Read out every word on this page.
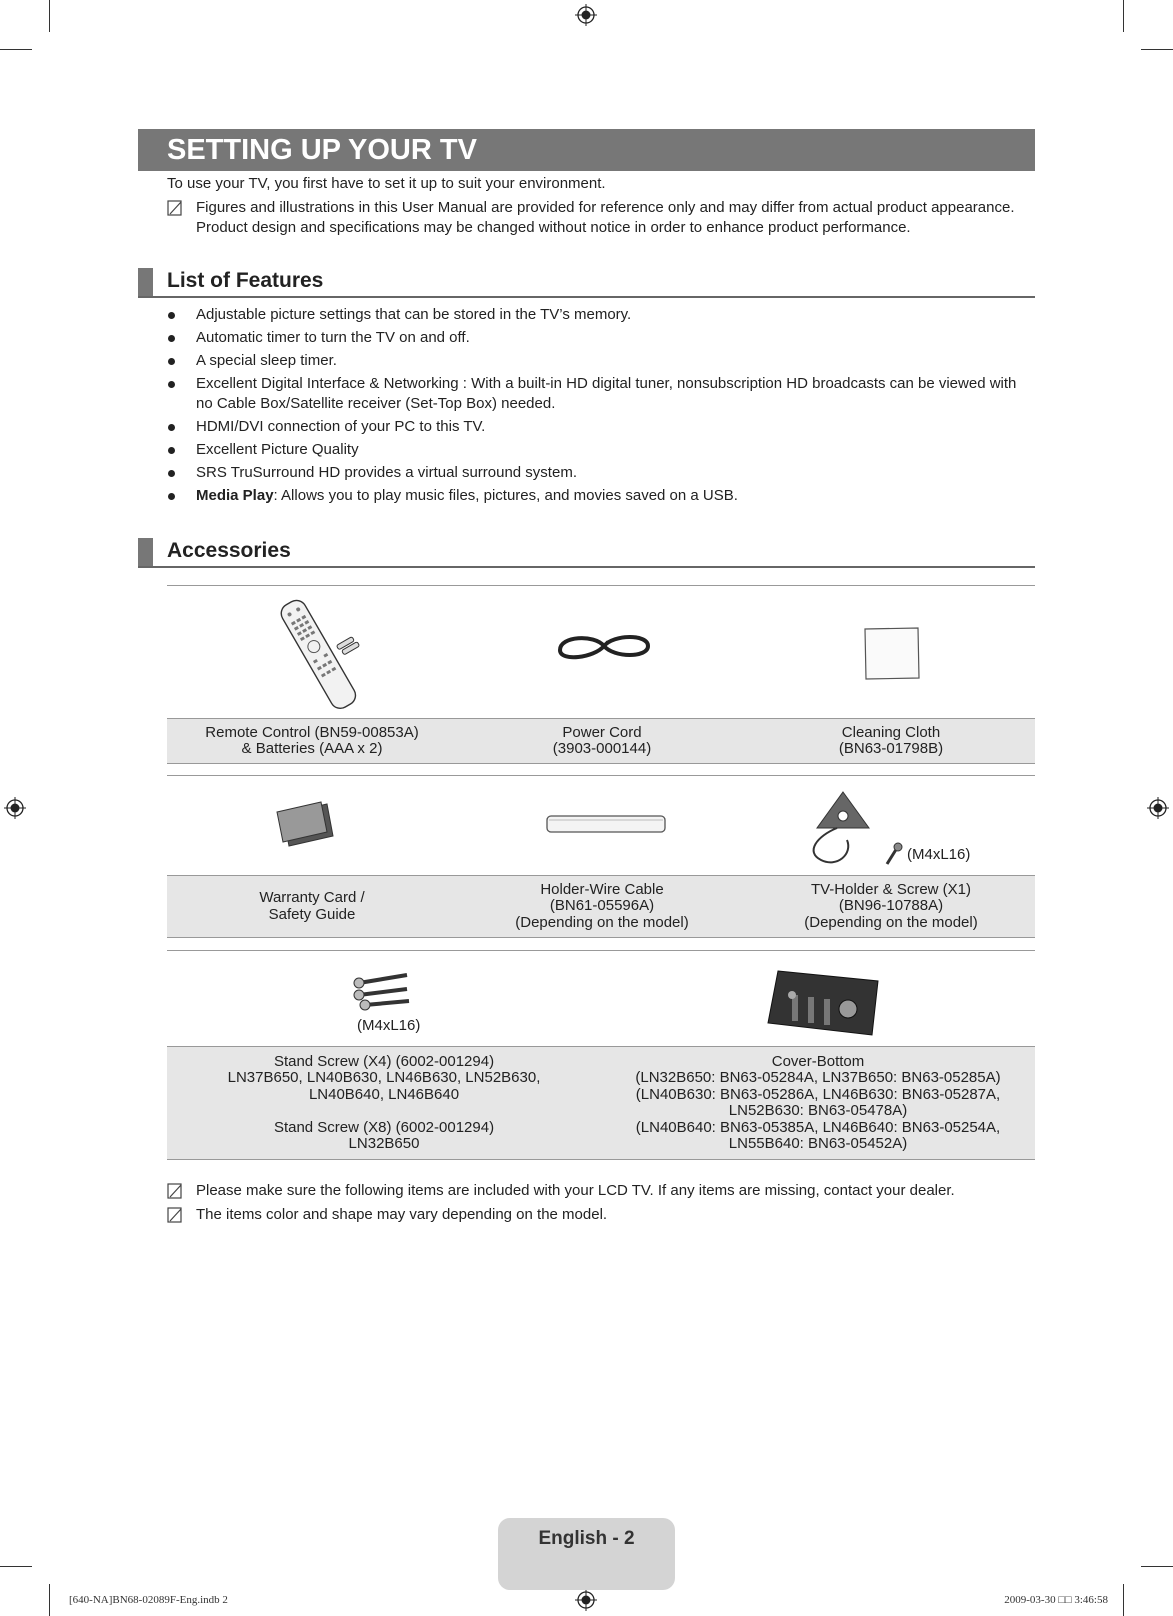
SETTING UP YOUR TV
To use your TV, you first have to set it up to suit your environment.
Figures and illustrations in this User Manual are provided for reference only and may differ from actual product appearance.
Product design and specifications may be changed without notice in order to enhance product performance.
List of Features
Adjustable picture settings that can be stored in the TV’s memory.
Automatic timer to turn the TV on and off.
A special sleep timer.
Excellent Digital Interface & Networking : With a built-in HD digital tuner, nonsubscription HD broadcasts can be viewed with no Cable Box/Satellite receiver (Set-Top Box) needed.
HDMI/DVI connection of your PC to this TV.
Excellent Picture Quality
SRS TruSurround HD provides a virtual surround system.
Media Play: Allows you to play music files, pictures, and movies saved on a USB.
Accessories
Remote Control (BN59-00853A)
& Batteries (AAA x 2)
Power Cord
(3903-000144)
Cleaning Cloth
(BN63-01798B)
(M4xL16)
Warranty Card /
Safety Guide
Holder-Wire Cable
(BN61-05596A)
(Depending on the model)
TV-Holder & Screw (X1)
(BN96-10788A)
(Depending on the model)
(M4xL16)
Stand Screw (X4) (6002-001294)
LN37B650, LN40B630, LN46B630, LN52B630,
LN40B640, LN46B640
Stand Screw (X8) (6002-001294)
LN32B650
Cover-Bottom
(LN32B650: BN63-05284A, LN37B650: BN63-05285A)
(LN40B630: BN63-05286A, LN46B630: BN63-05287A,
LN52B630: BN63-05478A)
(LN40B640: BN63-05385A, LN46B640: BN63-05254A,
LN55B640: BN63-05452A)
Please make sure the following items are included with your LCD TV. If any items are missing, contact your dealer.
The items color and shape may vary depending on the model.
English - 2
[640-NA]BN68-02089F-Eng.indb 2	2009-03-30 □□ 3:46:58
